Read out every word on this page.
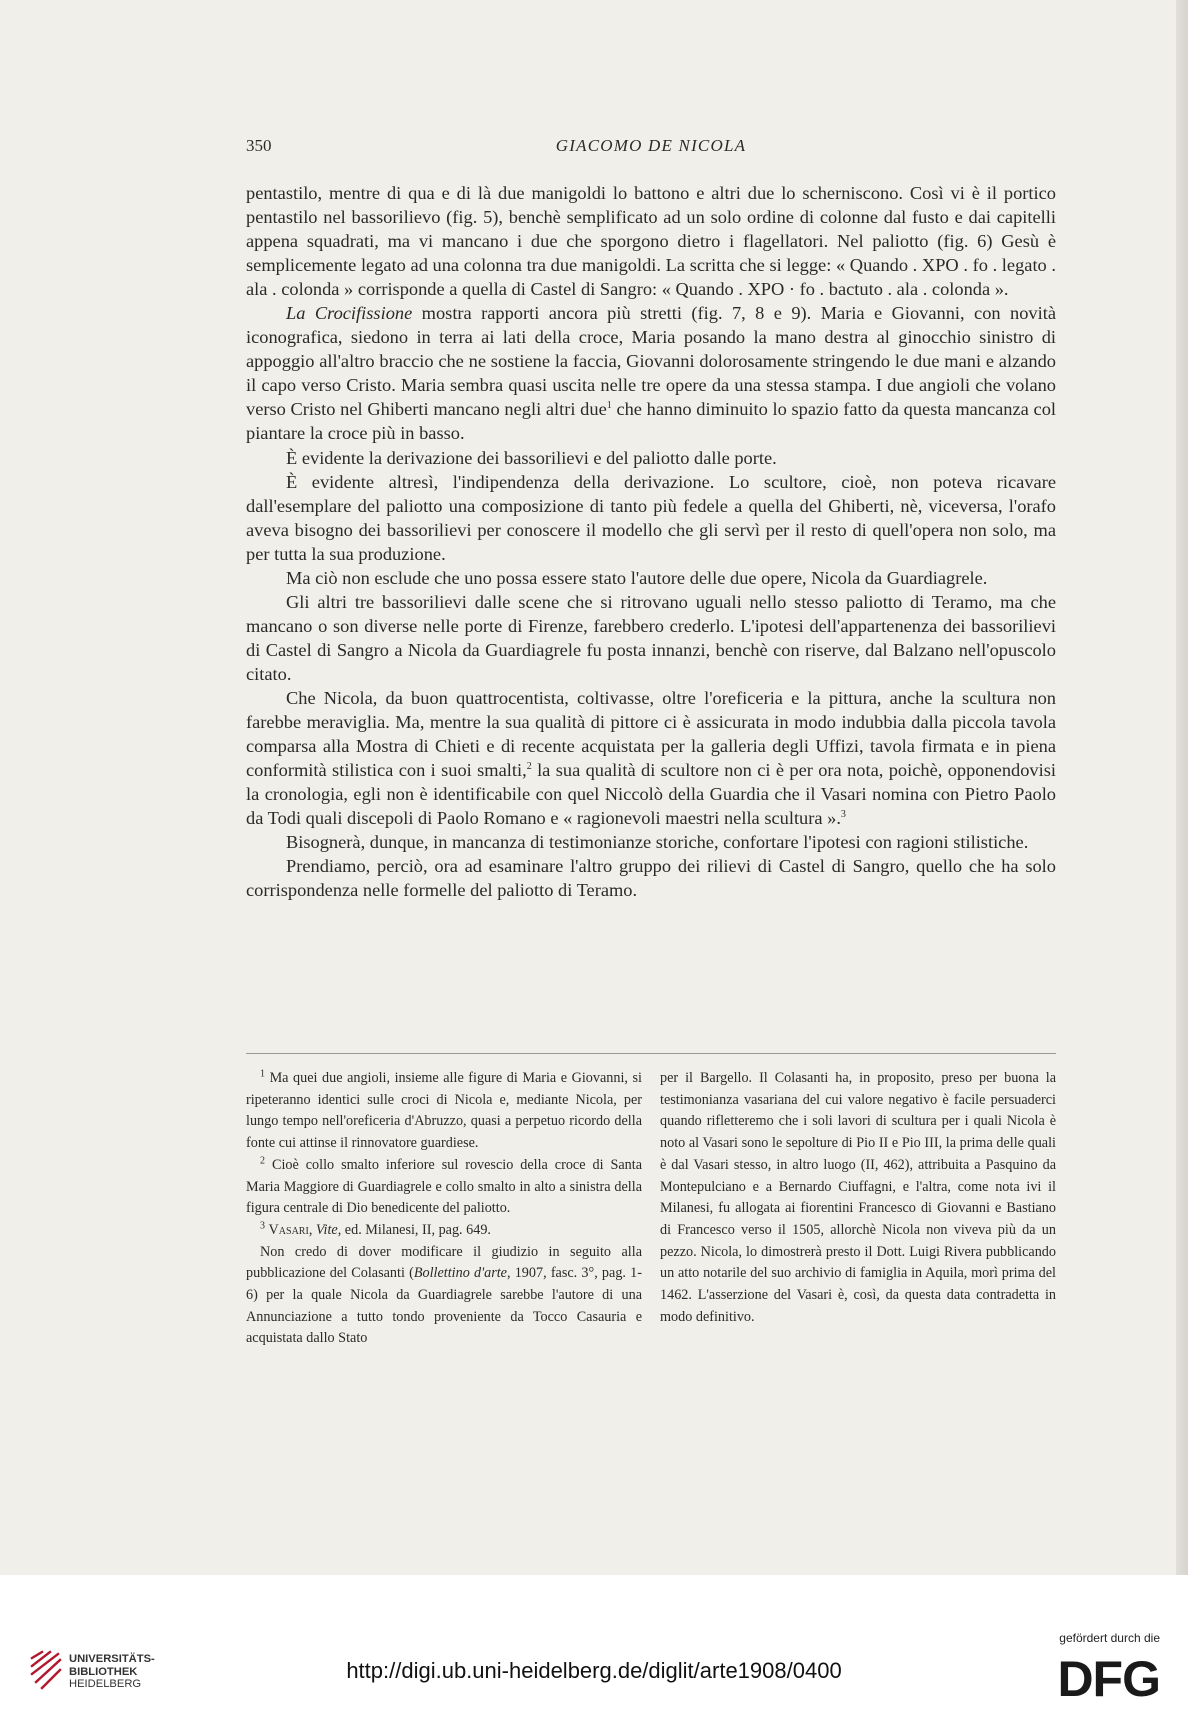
350	GIACOMO DE NICOLA

pentastilo, mentre di qua e di là due manigoldi lo battono e altri due lo scherniscono. Così vi è il portico pentastilo nel bassorilievo (fig. 5), benchè semplificato ad un solo ordine di colonne dal fusto e dai capitelli appena squadrati, ma vi mancano i due che sporgono dietro i flagellatori. Nel paliotto (fig. 6) Gesù è semplicemente legato ad una colonna tra due manigoldi. La scritta che si legge: « Quando . XPO . fo . legato . ala . colonda » corrisponde a quella di Castel di Sangro: « Quando . XPO · fo . bactuto . ala . colonda ».

La Crocifissione mostra rapporti ancora più stretti (fig. 7, 8 e 9). Maria e Giovanni, con novità iconografica, siedono in terra ai lati della croce, Maria posando la mano destra al ginocchio sinistro di appoggio all'altro braccio che ne sostiene la faccia, Giovanni dolorosamente stringendo le due mani e alzando il capo verso Cristo. Maria sembra quasi uscita nelle tre opere da una stessa stampa. I due angioli che volano verso Cristo nel Ghiberti mancano negli altri due$^1$ che hanno diminuito lo spazio fatto da questa mancanza col piantare la croce più in basso.

È evidente la derivazione dei bassorilievi e del paliotto dalle porte.

È evidente altresì, l'indipendenza della derivazione. Lo scultore, cioè, non poteva ricavare dall'esemplare del paliotto una composizione di tanto più fedele a quella del Ghiberti, nè, viceversa, l'orafo aveva bisogno dei bassorilievi per conoscere il modello che gli servì per il resto di quell'opera non solo, ma per tutta la sua produzione.

Ma ciò non esclude che uno possa essere stato l'autore delle due opere, Nicola da Guardiagrele.

Gli altri tre bassorilievi dalle scene che si ritrovano uguali nello stesso paliotto di Teramo, ma che mancano o son diverse nelle porte di Firenze, farebbero crederlo. L'ipotesi dell'appartenenza dei bassorilievi di Castel di Sangro a Nicola da Guardiagrele fu posta innanzi, benchè con riserve, dal Balzano nell'opuscolo citato.

Che Nicola, da buon quattrocentista, coltivasse, oltre l'oreficeria e la pittura, anche la scultura non farebbe meraviglia. Ma, mentre la sua qualità di pittore ci è assicurata in modo indubbia dalla piccola tavola comparsa alla Mostra di Chieti e di recente acquistata per la galleria degli Uffizi, tavola firmata e in piena conformità stilistica con i suoi smalti,$^2$ la sua qualità di scultore non ci è per ora nota, poichè, opponendovisi la cronologia, egli non è identificabile con quel Niccolò della Guardia che il Vasari nomina con Pietro Paolo da Todi quali discepoli di Paolo Romano e « ragionevoli maestri nella scultura ».$^3$

Bisognerà, dunque, in mancanza di testimonianze storiche, confortare l'ipotesi con ragioni stilistiche.

Prendiamo, perciò, ora ad esaminare l'altro gruppo dei rilievi di Castel di Sangro, quello che ha solo corrispondenza nelle formelle del paliotto di Teramo.

$^1$ Ma quei due angioli, insieme alle figure di Maria e Giovanni, si ripeteranno identici sulle croci di Nicola e, mediante Nicola, per lungo tempo nell'oreficeria d'Abruzzo, quasi a perpetuo ricordo della fonte cui attinse il rinnovatore guardiese.

$^2$ Cioè collo smalto inferiore sul rovescio della croce di Santa Maria Maggiore di Guardiagrele e collo smalto in alto a sinistra della figura centrale di Dio benedicente del paliotto.

$^3$ Vasari, Vite, ed. Milanesi, II, pag. 649.

Non credo di dover modificare il giudizio in seguito alla pubblicazione del Colasanti (Bollettino d'arte, 1907, fasc. 3°, pag. 1-6) per la quale Nicola da Guardiagrele sarebbe l'autore di una Annunciazione a tutto tondo proveniente da Tocco Casauria e acquistata dallo Stato

per il Bargello. Il Colasanti ha, in proposito, preso per buona la testimonianza vasariana del cui valore negativo è facile persuaderci quando rifletteremo che i soli lavori di scultura per i quali Nicola è noto al Vasari sono le sepolture di Pio II e Pio III, la prima delle quali è dal Vasari stesso, in altro luogo (II, 462), attribuita a Pasquino da Montepulciano e a Bernardo Ciuffagni, e l'altra, come nota ivi il Milanesi, fu allogata ai fiorentini Francesco di Giovanni e Bastiano di Francesco verso il 1505, allorchè Nicola non viveva più da un pezzo. Nicola, lo dimostrerà presto il Dott. Luigi Rivera pubblicando un atto notarile del suo archivio di famiglia in Aquila, morì prima del 1462. L'asserzione del Vasari è, così, da questa data contradetta in modo definitivo.

UNIVERSITÄTS-
BIBLIOTHEK
HEIDELBERG
http://digi.ub.uni-heidelberg.de/diglit/arte1908/0400
gefördert durch die
DFG
